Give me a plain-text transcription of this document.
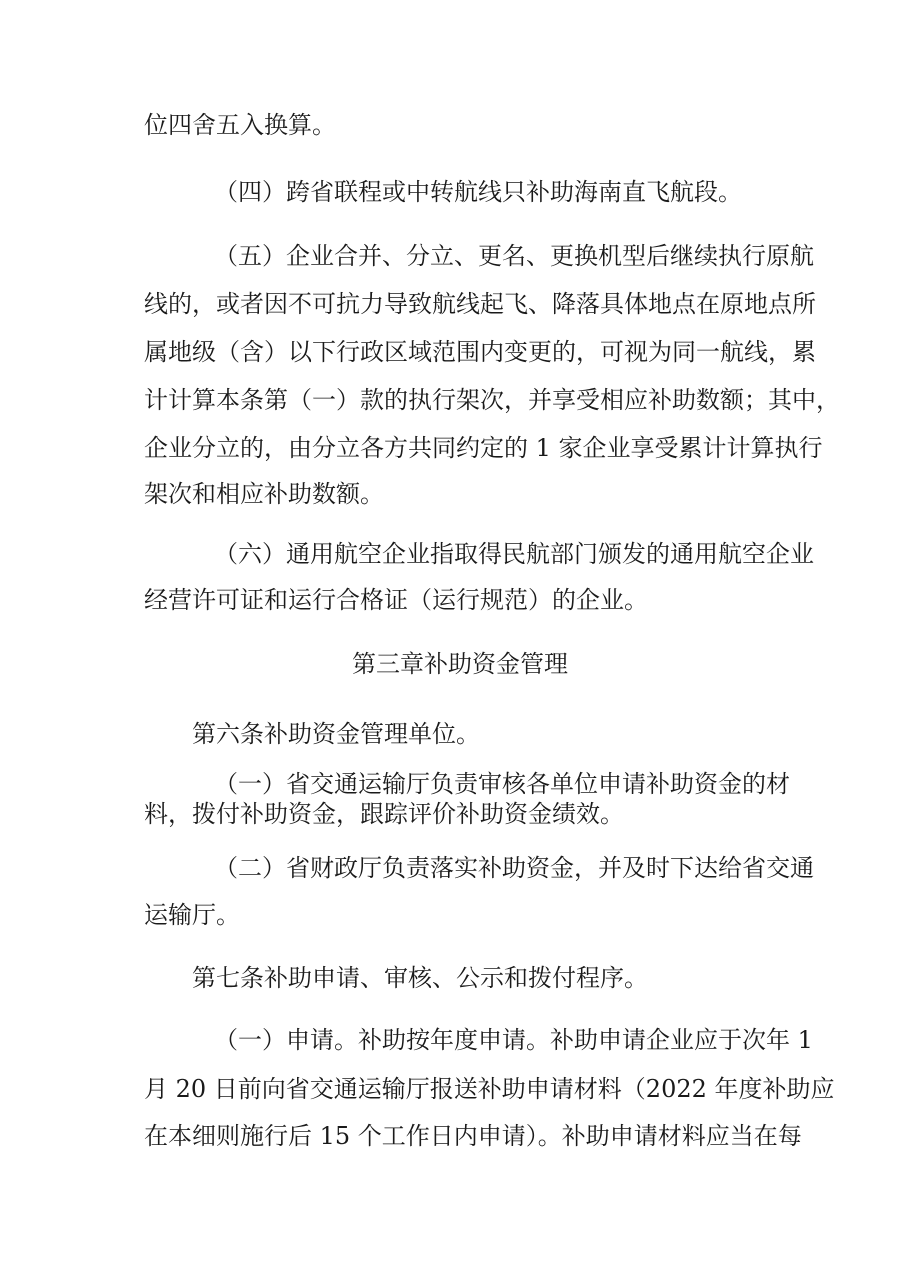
位四舍五入换算。
（四）跨省联程或中转航线只补助海南直飞航段。
（五）企业合并、分立、更名、更换机型后继续执行原航
线的，或者因不可抗力导致航线起飞、降落具体地点在原地点所
属地级（含）以下行政区域范围内变更的，可视为同一航线，累
计计算本条第（一）款的执行架次，并享受相应补助数额；其中，
企业分立的，由分立各方共同约定的 1 家企业享受累计计算执行
架次和相应补助数额。
（六）通用航空企业指取得民航部门颁发的通用航空企业
经营许可证和运行合格证（运行规范）的企业。
第三章补助资金管理
第六条补助资金管理单位。
（一）省交通运输厅负责审核各单位申请补助资金的材
料，拨付补助资金，跟踪评价补助资金绩效。
（二）省财政厅负责落实补助资金，并及时下达给省交通
运输厅。
第七条补助申请、审核、公示和拨付程序。
（一）申请。补助按年度申请。补助申请企业应于次年 1
月 20 日前向省交通运输厅报送补助申请材料（2022 年度补助应
在本细则施行后 15 个工作日内申请）。补助申请材料应当在每
